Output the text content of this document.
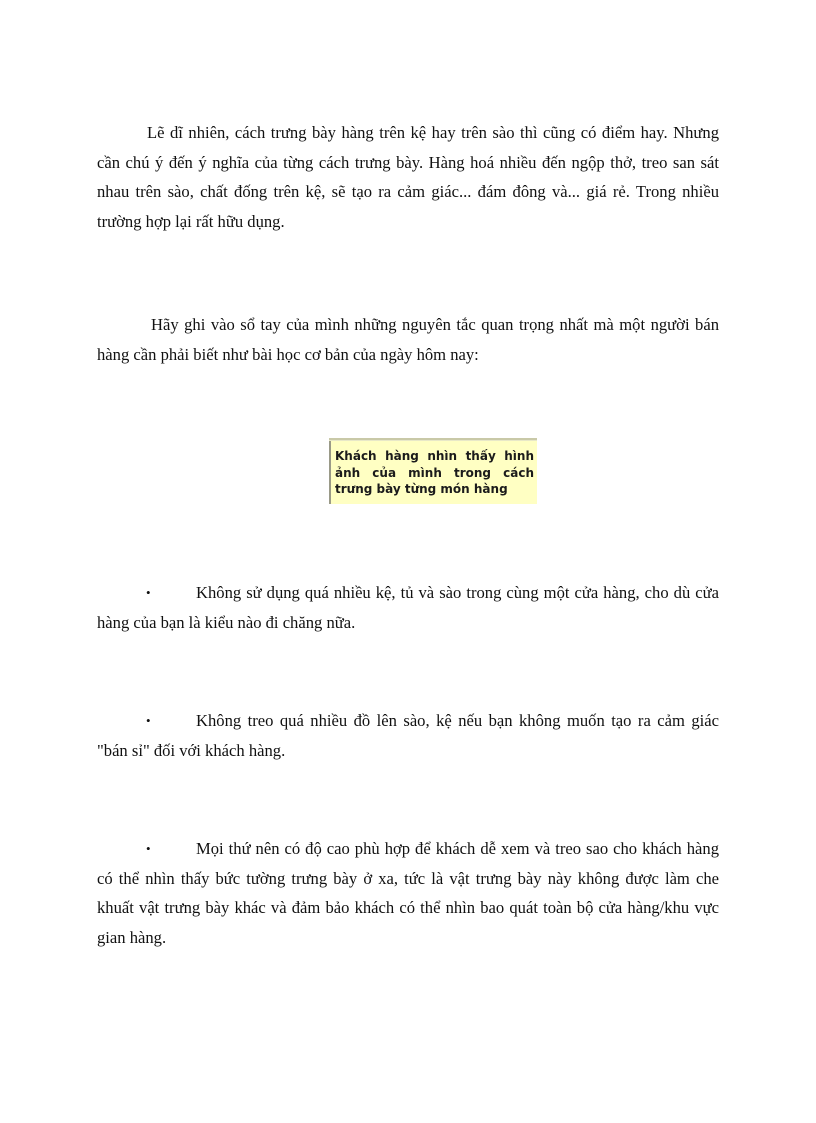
Lẽ dĩ nhiên, cách trưng bày hàng trên kệ hay trên sào thì cũng có điểm hay. Nhưng cần chú ý đến ý nghĩa của từng cách trưng bày. Hàng hoá nhiều đến ngộp thở, treo san sát nhau trên sào, chất đống trên kệ, sẽ tạo ra cảm giác... đám đông và... giá rẻ. Trong nhiều trường hợp lại rất hữu dụng.

Hãy ghi vào sổ tay của mình những nguyên tắc quan trọng nhất mà một người bán hàng cần phải biết như bài học cơ bản của ngày hôm nay:

Khách hàng nhìn thấy hình
ảnh của mình trong cách
trưng bày từng món hàng
•	Không sử dụng quá nhiều kệ, tủ và sào trong cùng một cửa hàng, cho dù cửa hàng của bạn là kiểu nào đi chăng nữa.
•	Không treo quá nhiều đồ lên sào, kệ nếu bạn không muốn tạo ra cảm giác "bán sỉ" đối với khách hàng.
•	Mọi thứ nên có độ cao phù hợp để khách dễ xem và treo sao cho khách hàng có thể nhìn thấy bức tường trưng bày ở xa, tức là vật trưng bày này không được làm che khuất vật trưng bày khác và đảm bảo khách có thể nhìn bao quát toàn bộ cửa hàng/khu vực gian hàng.
